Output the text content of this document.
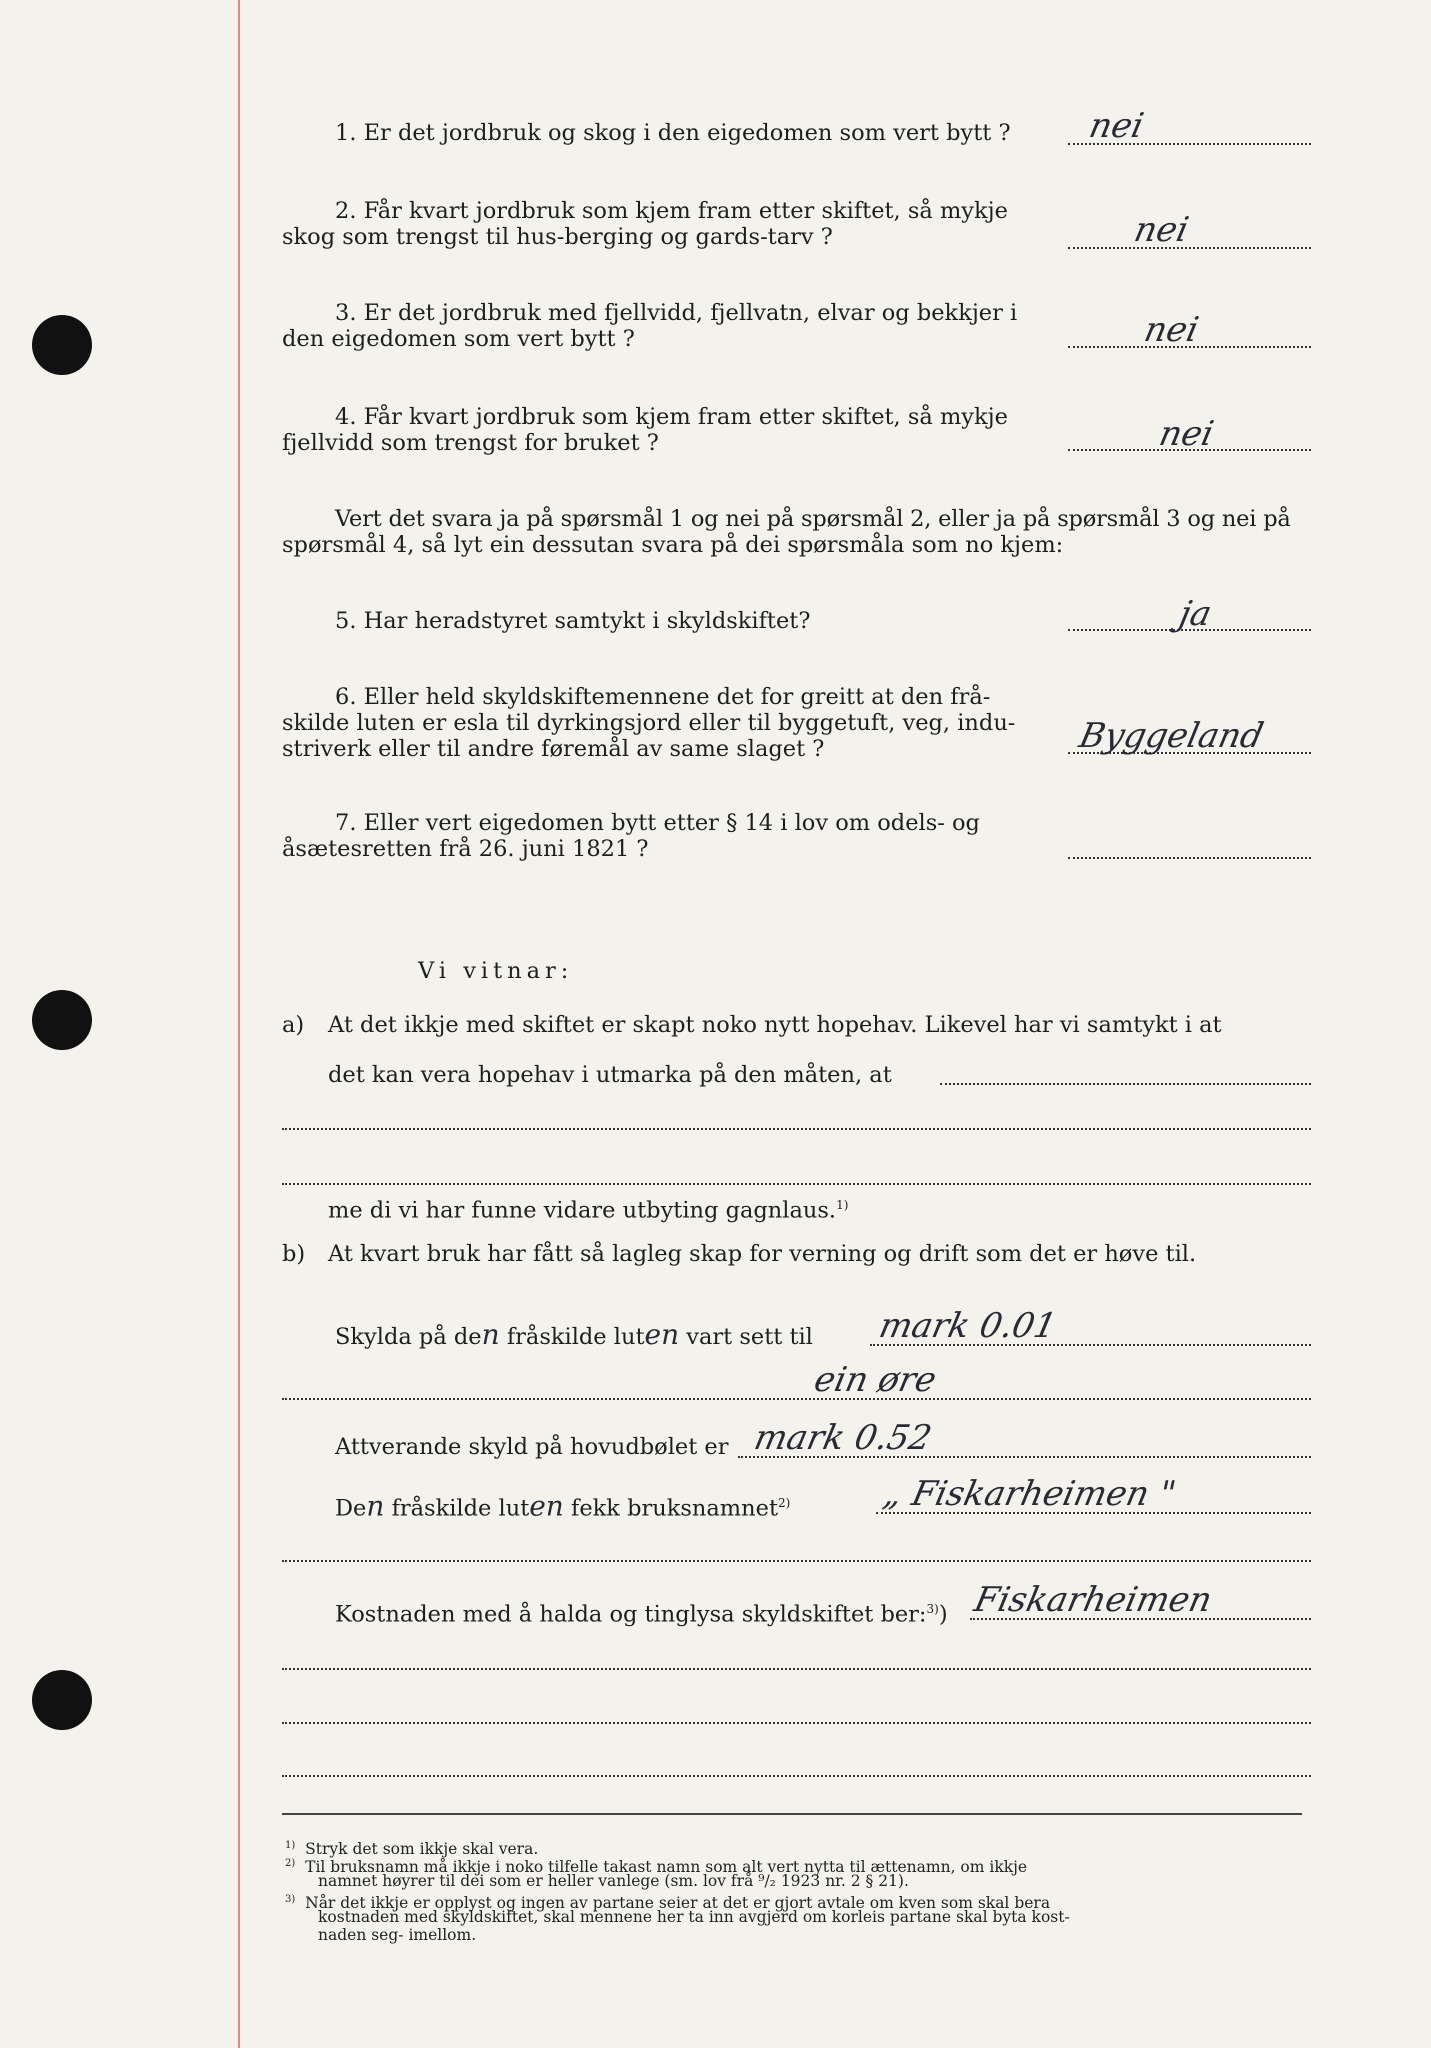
1. Er det jordbruk og skog i den eigedomen som vert bytt ? nei
2. Får kvart jordbruk som kjem fram etter skiftet, så mykje
skog som trengst til hus-berging og gards-tarv ?	nei
3. Er det jordbruk med fjellvidd, fjellvatn, elvar og bekkjer i
den eigedomen som vert bytt ?	nei
4. Får kvart jordbruk som kjem fram etter skiftet, så mykje
fjellvidd som trengst for bruket ?	nei
Vert det svara ja på spørsmål 1 og nei på spørsmål 2, eller ja på spørsmål 3 og nei på
spørsmål 4, så lyt ein dessutan svara på dei spørsmåla som no kjem:
5. Har heradstyret samtykt i skyldskiftet?	ja
6. Eller held skyldskiftemennene det for greitt at den frå-
skilde luten er esla til dyrkingsjord eller til byggetuft, veg, indu-
striverk eller til andre føremål av same slaget ?	Byggeland
7. Eller vert eigedomen bytt etter § 14 i lov om odels- og
åsætesretten frå 26. juni 1821 ?
Vi vitnar:
a) At det ikkje med skiftet er skapt noko nytt hopehav. Likevel har vi samtykt i at
det kan vera hopehav i utmarka på den måten, at
me di vi har funne vidare utbyting gagnlaus.$^{1)}$
b) At kvart bruk har fått så lagleg skap for verning og drift som det er høve til.
Skylda på den fråskilde luten vart sett til mark 0.01
ein øre
Attverande skyld på hovudbølet er mark 0.52
Den fråskilde luten fekk bruksnamnet$^{2)}$	„ Fiskarheimen "
Kostnaden med å halda og tinglysa skyldskiftet ber:$^{3)}$) Fiskarheimen
$^{1)}$ Stryk det som ikkje skal vera.
$^{2)}$ Til bruksnamn må ikkje i noko tilfelle takast namn som alt vert nytta til ættenamn, om ikkje
namnet høyrer til dei som er heller vanlege (sm. lov frå ⁹/₂ 1923 nr. 2 § 21).
$^{3)}$ Når det ikkje er opplyst og ingen av partane seier at det er gjort avtale om kven som skal bera
kostnaden med skyldskiftet, skal mennene her ta inn avgjerd om korleis partane skal byta kost-
naden seg- imellom.
